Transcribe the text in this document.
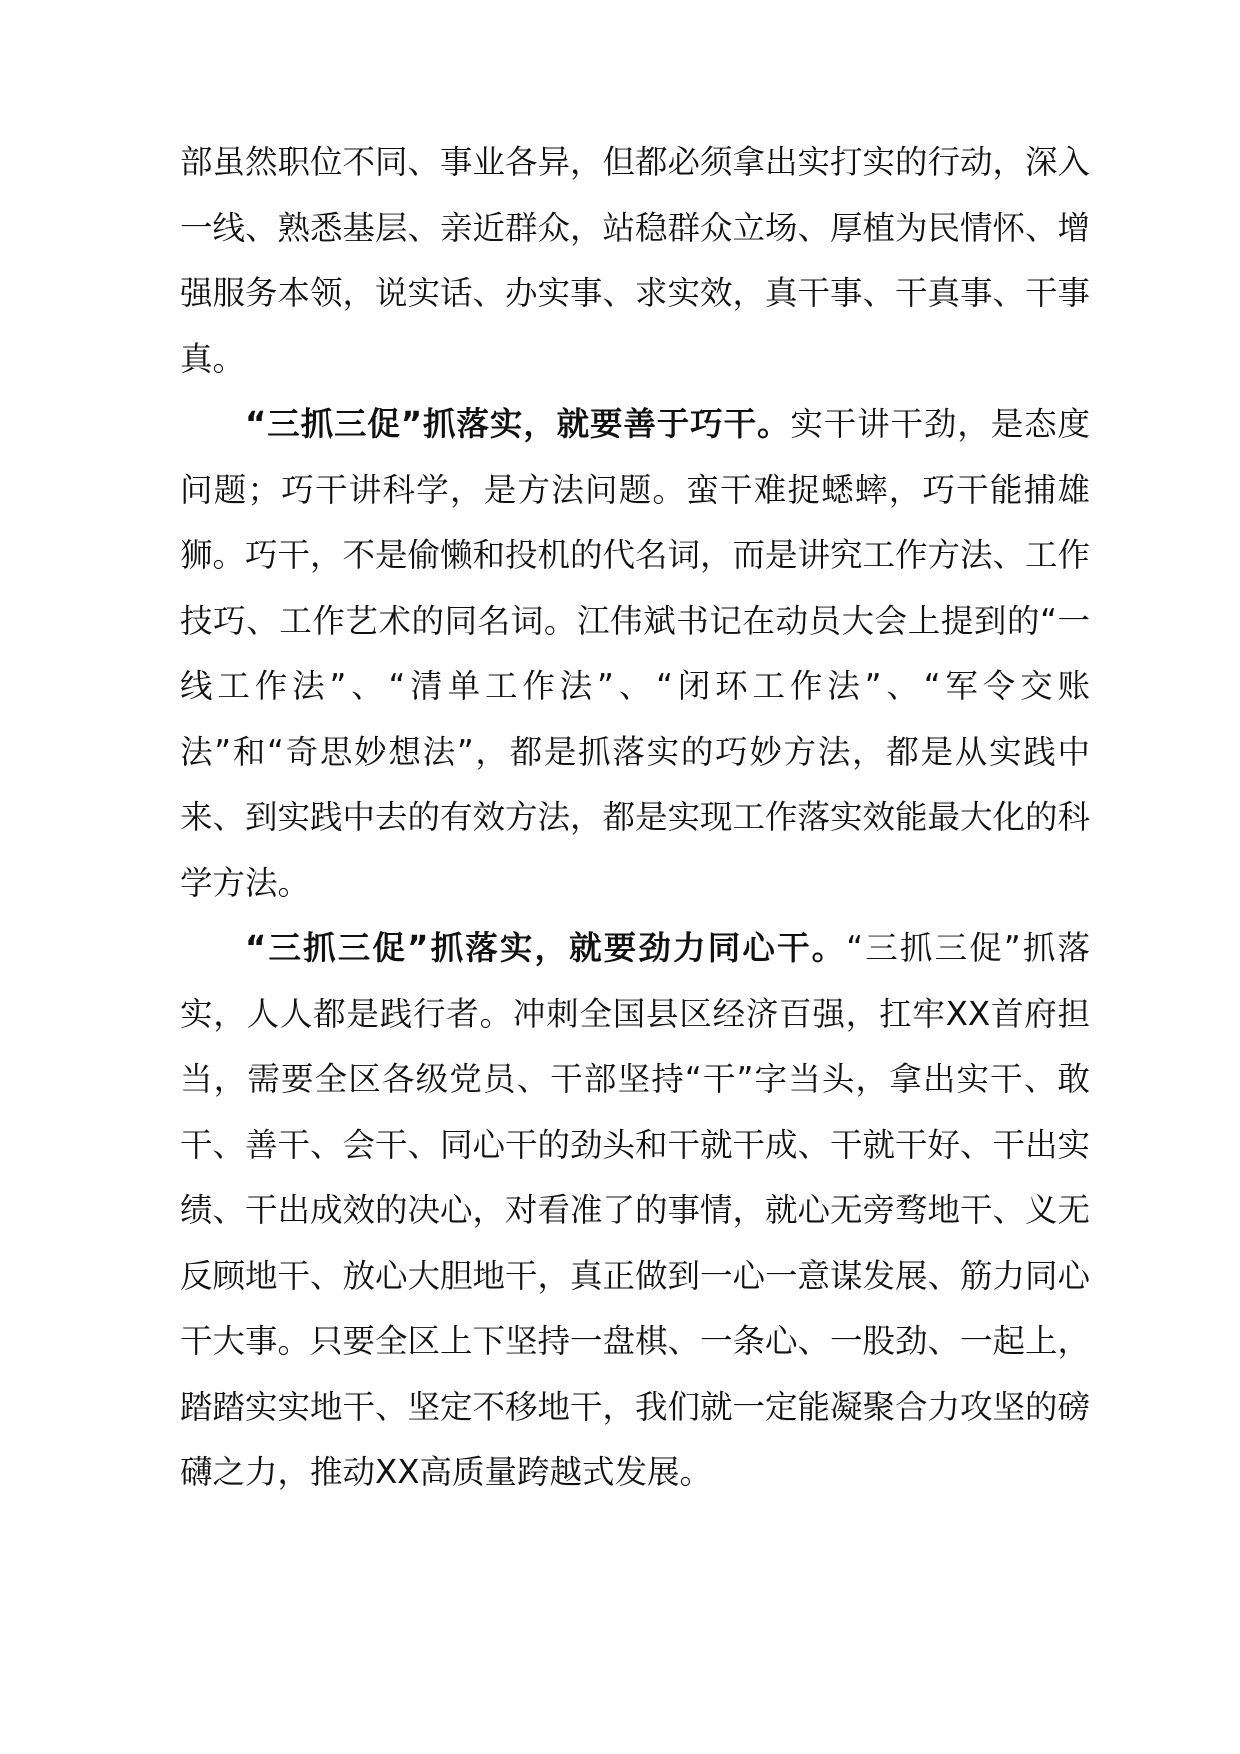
部虽然职位不同、事业各异，但都必须拿出实打实的行动，深入一线、熟悉基层、亲近群众，站稳群众立场、厚植为民情怀、增强服务本领，说实话、办实事、求实效，真干事、干真事、干事真。

“三抓三促”抓落实，就要善于巧干。实干讲干劲，是态度问题；巧干讲科学，是方法问题。蛮干难捉蟋蟀，巧干能捕雄狮。巧干，不是偷懒和投机的代名词，而是讲究工作方法、工作技巧、工作艺术的同名词。江伟斌书记在动员大会上提到的“一线工作法”、“清单工作法”、“闭环工作法”、“军令交账法”和“奇思妙想法”，都是抓落实的巧妙方法，都是从实践中来、到实践中去的有效方法，都是实现工作落实效能最大化的科学方法。

“三抓三促”抓落实，就要劲力同心干。“三抓三促”抓落实，人人都是践行者。冲刺全国县区经济百强，扛牢XX首府担当，需要全区各级党员、干部坚持“干”字当头，拿出实干、敢干、善干、会干、同心干的劲头和干就干成、干就干好、干出实绩、干出成效的决心，对看准了的事情，就心无旁骛地干、义无反顾地干、放心大胆地干，真正做到一心一意谋发展、筋力同心干大事。只要全区上下坚持一盘棋、一条心、一股劲、一起上，踏踏实实地干、坚定不移地干，我们就一定能凝聚合力攻坚的磅礴之力，推动XX高质量跨越式发展。
